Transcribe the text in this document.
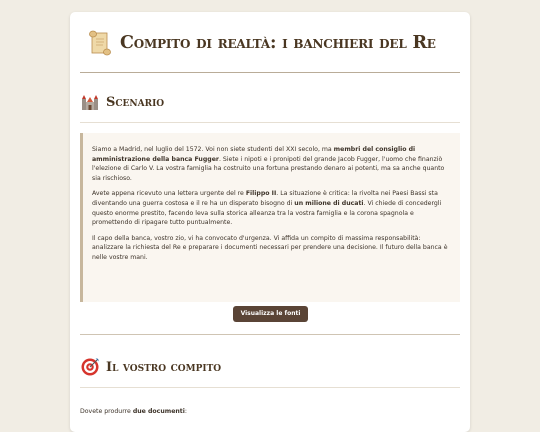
Compito di realtà: i banchieri del Re
Scenario

Siamo a Madrid, nel luglio del 1572. Voi non siete studenti del XXI secolo, ma membri del consiglio di amministrazione della banca Fugger. Siete i nipoti e i pronipoti del grande Jacob Fugger, l'uomo che finanziò l'elezione di Carlo V. La vostra famiglia ha costruito una fortuna prestando denaro ai potenti, ma sa anche quanto sia rischioso.

Avete appena ricevuto una lettera urgente del re Filippo II. La situazione è critica: la rivolta nei Paesi Bassi sta diventando una guerra costosa e il re ha un disperato bisogno di un milione di ducati. Vi chiede di concedergli questo enorme prestito, facendo leva sulla storica alleanza tra la vostra famiglia e la corona spagnola e promettendo di ripagare tutto puntualmente.

Il capo della banca, vostro zio, vi ha convocato d'urgenza. Vi affida un compito di massima responsabilità: analizzare la richiesta del Re e preparare i documenti necessari per prendere una decisione. Il futuro della banca è nelle vostre mani.

Visualizza le fonti
Il vostro compito
Dovete produrre due documenti:
